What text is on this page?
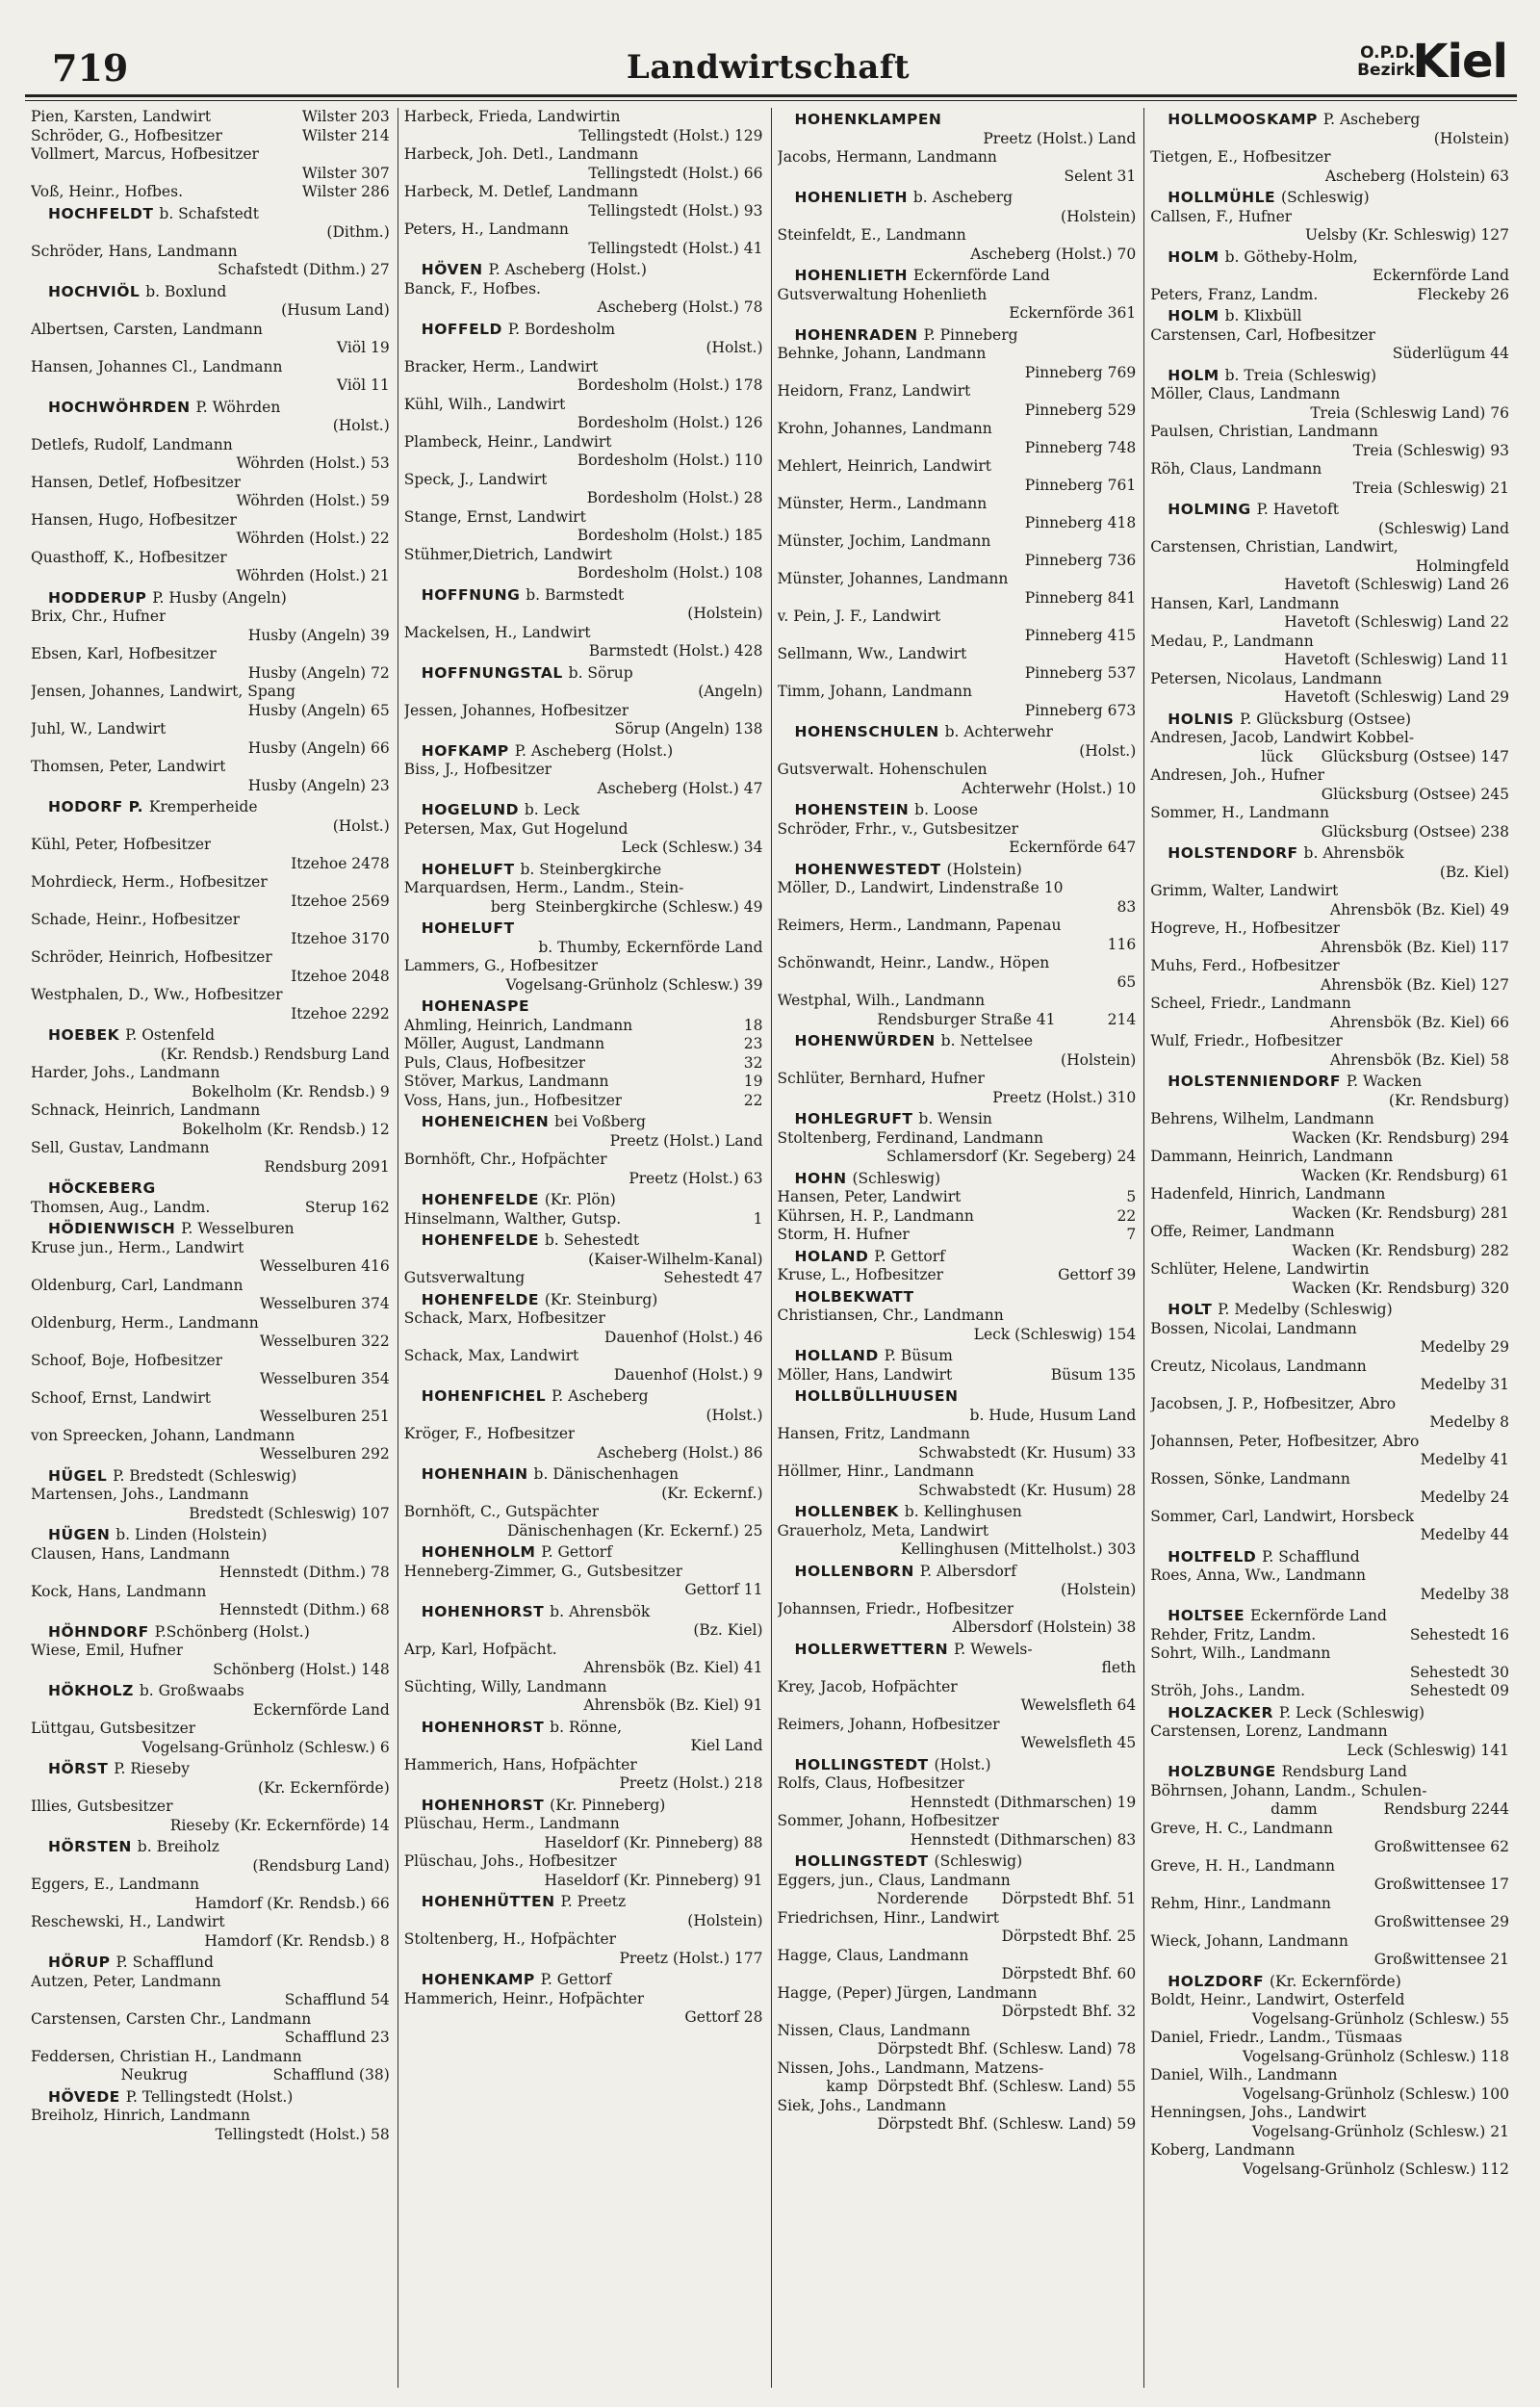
719	Landwirtschaft	O.P.D.
Bezirk
Kiel
Pien, Karsten, Landwirt	Wilster 203
Schröder, G., Hofbesitzer	Wilster 214
Vollmert, Marcus, Hofbesitzer
Wilster 307
Voß, Heinr., Hofbes.	Wilster 286
HOCHFELDT b. Schafstedt
(Dithm.)
Schröder, Hans, Landmann
Schafstedt (Dithm.) 27
HOCHVIÖL b. Boxlund
(Husum Land)
Albertsen, Carsten, Landmann
Viöl 19
Hansen, Johannes Cl., Landmann
Viöl 11
HOCHWÖHRDEN P. Wöhrden
(Holst.)
Detlefs, Rudolf, Landmann
Wöhrden (Holst.) 53
Hansen, Detlef, Hofbesitzer
Wöhrden (Holst.) 59
Hansen, Hugo, Hofbesitzer
Wöhrden (Holst.) 22
Quasthoff, K., Hofbesitzer
Wöhrden (Holst.) 21
HODDERUP P. Husby (Angeln)
Brix, Chr., Hufner
Husby (Angeln) 39
Ebsen, Karl, Hofbesitzer
Husby (Angeln) 72
Jensen, Johannes, Landwirt, Spang
Husby (Angeln) 65
Juhl, W., Landwirt
Husby (Angeln) 66
Thomsen, Peter, Landwirt
Husby (Angeln) 23
HODORF P. Kremperheide
(Holst.)
Kühl, Peter, Hofbesitzer
Itzehoe 2478
Mohrdieck, Herm., Hofbesitzer
Itzehoe 2569
Schade, Heinr., Hofbesitzer
Itzehoe 3170
Schröder, Heinrich, Hofbesitzer
Itzehoe 2048
Westphalen, D., Ww., Hofbesitzer
Itzehoe 2292
HOEBEK P. Ostenfeld
(Kr. Rendsb.) Rendsburg Land
Harder, Johs., Landmann
Bokelholm (Kr. Rendsb.) 9
Schnack, Heinrich, Landmann
Bokelholm (Kr. Rendsb.) 12
Sell, Gustav, Landmann
Rendsburg 2091
HÖCKEBERG
Thomsen, Aug., Landm.	Sterup 162
HÖDIENWISCH P. Wesselburen
Kruse jun., Herm., Landwirt
Wesselburen 416
Oldenburg, Carl, Landmann
Wesselburen 374
Oldenburg, Herm., Landmann
Wesselburen 322
Schoof, Boje, Hofbesitzer
Wesselburen 354
Schoof, Ernst, Landwirt
Wesselburen 251
von Spreecken, Johann, Landmann
Wesselburen 292
HÜGEL P. Bredstedt (Schleswig)
Martensen, Johs., Landmann
Bredstedt (Schleswig) 107
HÜGEN b. Linden (Holstein)
Clausen, Hans, Landmann
Hennstedt (Dithm.) 78
Kock, Hans, Landmann
Hennstedt (Dithm.) 68
HÖHNDORF P.Schönberg (Holst.)
Wiese, Emil, Hufner
Schönberg (Holst.) 148
HÖKHOLZ b. Großwaabs
Eckernförde Land
Lüttgau, Gutsbesitzer
Vogelsang-Grünholz (Schlesw.) 6
HÖRST P. Rieseby
(Kr. Eckernförde)
Illies, Gutsbesitzer
Rieseby (Kr. Eckernförde) 14
HÖRSTEN b. Breiholz
(Rendsburg Land)
Eggers, E., Landmann
Hamdorf (Kr. Rendsb.) 66
Reschewski, H., Landwirt
Hamdorf (Kr. Rendsb.) 8
HÖRUP P. Schafflund
Autzen, Peter, Landmann
Schafflund 54
Carstensen, Carsten Chr., Landmann
Schafflund 23
Feddersen, Christian H., Landmann
Neukrug                  Schafflund (38)
HÖVEDE P. Tellingstedt (Holst.)
Breiholz, Hinrich, Landmann
Tellingstedt (Holst.) 58
Harbeck, Frieda, Landwirtin
Tellingstedt (Holst.) 129
Harbeck, Joh. Detl., Landmann
Tellingstedt (Holst.) 66
Harbeck, M. Detlef, Landmann
Tellingstedt (Holst.) 93
Peters, H., Landmann
Tellingstedt (Holst.) 41
HÖVEN P. Ascheberg (Holst.)
Banck, F., Hofbes.
Ascheberg (Holst.) 78
HOFFELD P. Bordesholm
(Holst.)
Bracker, Herm., Landwirt
Bordesholm (Holst.) 178
Kühl, Wilh., Landwirt
Bordesholm (Holst.) 126
Plambeck, Heinr., Landwirt
Bordesholm (Holst.) 110
Speck, J., Landwirt
Bordesholm (Holst.) 28
Stange, Ernst, Landwirt
Bordesholm (Holst.) 185
Stühmer,Dietrich, Landwirt
Bordesholm (Holst.) 108
HOFFNUNG b. Barmstedt
(Holstein)
Mackelsen, H., Landwirt
Barmstedt (Holst.) 428
HOFFNUNGSTAL b. Sörup
(Angeln)
Jessen, Johannes, Hofbesitzer
Sörup (Angeln) 138
HOFKAMP P. Ascheberg (Holst.)
Biss, J., Hofbesitzer
Ascheberg (Holst.) 47
HOGELUND b. Leck
Petersen, Max, Gut Hogelund
Leck (Schlesw.) 34
HOHELUFT b. Steinbergkirche
Marquardsen, Herm., Landm., Stein-
berg  Steinbergkirche (Schlesw.) 49
HOHELUFT
b. Thumby, Eckernförde Land
Lammers, G., Hofbesitzer
Vogelsang-Grünholz (Schlesw.) 39
HOHENASPE
Ahmling, Heinrich, Landmann	18
Möller, August, Landmann	23
Puls, Claus, Hofbesitzer	32
Stöver, Markus, Landmann	19
Voss, Hans, jun., Hofbesitzer	22
HOHENEICHEN bei Voßberg
Preetz (Holst.) Land
Bornhöft, Chr., Hofpächter
Preetz (Holst.) 63
HOHENFELDE (Kr. Plön)
Hinselmann, Walther, Gutsp.	1
HOHENFELDE b. Sehestedt
(Kaiser-Wilhelm-Kanal)
Gutsverwaltung	Sehestedt 47
HOHENFELDE (Kr. Steinburg)
Schack, Marx, Hofbesitzer
Dauenhof (Holst.) 46
Schack, Max, Landwirt
Dauenhof (Holst.) 9
HOHENFICHEL P. Ascheberg
(Holst.)
Kröger, F., Hofbesitzer
Ascheberg (Holst.) 86
HOHENHAIN b. Dänischenhagen
(Kr. Eckernf.)
Bornhöft, C., Gutspächter
Dänischenhagen (Kr. Eckernf.) 25
HOHENHOLM P. Gettorf
Henneberg-Zimmer, G., Gutsbesitzer
Gettorf 11
HOHENHORST b. Ahrensbök
(Bz. Kiel)
Arp, Karl, Hofpächt.
Ahrensbök (Bz. Kiel) 41
Süchting, Willy, Landmann
Ahrensbök (Bz. Kiel) 91
HOHENHORST b. Rönne,
Kiel Land
Hammerich, Hans, Hofpächter
Preetz (Holst.) 218
HOHENHORST (Kr. Pinneberg)
Plüschau, Herm., Landmann
Haseldorf (Kr. Pinneberg) 88
Plüschau, Johs., Hofbesitzer
Haseldorf (Kr. Pinneberg) 91
HOHENHÜTTEN P. Preetz
(Holstein)
Stoltenberg, H., Hofpächter
Preetz (Holst.) 177
HOHENKAMP P. Gettorf
Hammerich, Heinr., Hofpächter
Gettorf 28
HOHENKLAMPEN
Preetz (Holst.) Land
Jacobs, Hermann, Landmann
Selent 31
HOHENLIETH b. Ascheberg
(Holstein)
Steinfeldt, E., Landmann
Ascheberg (Holst.) 70
HOHENLIETH Eckernförde Land
Gutsverwaltung Hohenlieth
Eckernförde 361
HOHENRADEN P. Pinneberg
Behnke, Johann, Landmann
Pinneberg 769
Heidorn, Franz, Landwirt
Pinneberg 529
Krohn, Johannes, Landmann
Pinneberg 748
Mehlert, Heinrich, Landwirt
Pinneberg 761
Münster, Herm., Landmann
Pinneberg 418
Münster, Jochim, Landmann
Pinneberg 736
Münster, Johannes, Landmann
Pinneberg 841
v. Pein, J. F., Landwirt
Pinneberg 415
Sellmann, Ww., Landwirt
Pinneberg 537
Timm, Johann, Landmann
Pinneberg 673
HOHENSCHULEN b. Achterwehr
(Holst.)
Gutsverwalt. Hohenschulen
Achterwehr (Holst.) 10
HOHENSTEIN b. Loose
Schröder, Frhr., v., Gutsbesitzer
Eckernförde 647
HOHENWESTEDT (Holstein)
Möller, D., Landwirt, Lindenstraße 10
83
Reimers, Herm., Landmann, Papenau
116
Schönwandt, Heinr., Landw., Höpen
65
Westphal, Wilh., Landmann
Rendsburger Straße 41           214
HOHENWÜRDEN b. Nettelsee
(Holstein)
Schlüter, Bernhard, Hufner
Preetz (Holst.) 310
HOHLEGRUFT b. Wensin
Stoltenberg, Ferdinand, Landmann
Schlamersdorf (Kr. Segeberg) 24
HOHN (Schleswig)
Hansen, Peter, Landwirt	5
Kührsen, H. P., Landmann	22
Storm, H. Hufner	7
HOLAND P. Gettorf
Kruse, L., Hofbesitzer	Gettorf 39
HOLBEKWATT
Christiansen, Chr., Landmann
Leck (Schleswig) 154
HOLLAND P. Büsum
Möller, Hans, Landwirt	Büsum 135
HOLLBÜLLHUUSEN
b. Hude, Husum Land
Hansen, Fritz, Landmann
Schwabstedt (Kr. Husum) 33
Höllmer, Hinr., Landmann
Schwabstedt (Kr. Husum) 28
HOLLENBEK b. Kellinghusen
Grauerholz, Meta, Landwirt
Kellinghusen (Mittelholst.) 303
HOLLENBORN P. Albersdorf
(Holstein)
Johannsen, Friedr., Hofbesitzer
Albersdorf (Holstein) 38
HOLLERWETTERN P. Wewels-
fleth
Krey, Jacob, Hofpächter
Wewelsfleth 64
Reimers, Johann, Hofbesitzer
Wewelsfleth 45
HOLLINGSTEDT (Holst.)
Rolfs, Claus, Hofbesitzer
Hennstedt (Dithmarschen) 19
Sommer, Johann, Hofbesitzer
Hennstedt (Dithmarschen) 83
HOLLINGSTEDT (Schleswig)
Eggers, jun., Claus, Landmann
Norderende       Dörpstedt Bhf. 51
Friedrichsen, Hinr., Landwirt
Dörpstedt Bhf. 25
Hagge, Claus, Landmann
Dörpstedt Bhf. 60
Hagge, (Peper) Jürgen, Landmann
Dörpstedt Bhf. 32
Nissen, Claus, Landmann
Dörpstedt Bhf. (Schlesw. Land) 78
Nissen, Johs., Landmann, Matzens-
kamp  Dörpstedt Bhf. (Schlesw. Land) 55
Siek, Johs., Landmann
Dörpstedt Bhf. (Schlesw. Land) 59
HOLLMOOSKAMP P. Ascheberg
(Holstein)
Tietgen, E., Hofbesitzer
Ascheberg (Holstein) 63
HOLLMÜHLE (Schleswig)
Callsen, F., Hufner
Uelsby (Kr. Schleswig) 127
HOLM b. Götheby-Holm,
Eckernförde Land
Peters, Franz, Landm.	Fleckeby 26
HOLM b. Klixbüll
Carstensen, Carl, Hofbesitzer
Süderlügum 44
HOLM b. Treia (Schleswig)
Möller, Claus, Landmann
Treia (Schleswig Land) 76
Paulsen, Christian, Landmann
Treia (Schleswig) 93
Röh, Claus, Landmann
Treia (Schleswig) 21
HOLMING P. Havetoft
(Schleswig) Land
Carstensen, Christian, Landwirt,
Holmingfeld
Havetoft (Schleswig) Land 26
Hansen, Karl, Landmann
Havetoft (Schleswig) Land 22
Medau, P., Landmann
Havetoft (Schleswig) Land 11
Petersen, Nicolaus, Landmann
Havetoft (Schleswig) Land 29
HOLNIS P. Glücksburg (Ostsee)
Andresen, Jacob, Landwirt Kobbel-
lück      Glücksburg (Ostsee) 147
Andresen, Joh., Hufner
Glücksburg (Ostsee) 245
Sommer, H., Landmann
Glücksburg (Ostsee) 238
HOLSTENDORF b. Ahrensbök
(Bz. Kiel)
Grimm, Walter, Landwirt
Ahrensbök (Bz. Kiel) 49
Hogreve, H., Hofbesitzer
Ahrensbök (Bz. Kiel) 117
Muhs, Ferd., Hofbesitzer
Ahrensbök (Bz. Kiel) 127
Scheel, Friedr., Landmann
Ahrensbök (Bz. Kiel) 66
Wulf, Friedr., Hofbesitzer
Ahrensbök (Bz. Kiel) 58
HOLSTENNIENDORF P. Wacken
(Kr. Rendsburg)
Behrens, Wilhelm, Landmann
Wacken (Kr. Rendsburg) 294
Dammann, Heinrich, Landmann
Wacken (Kr. Rendsburg) 61
Hadenfeld, Hinrich, Landmann
Wacken (Kr. Rendsburg) 281
Offe, Reimer, Landmann
Wacken (Kr. Rendsburg) 282
Schlüter, Helene, Landwirtin
Wacken (Kr. Rendsburg) 320
HOLT P. Medelby (Schleswig)
Bossen, Nicolai, Landmann
Medelby 29
Creutz, Nicolaus, Landmann
Medelby 31
Jacobsen, J. P., Hofbesitzer, Abro
Medelby 8
Johannsen, Peter, Hofbesitzer, Abro
Medelby 41
Rossen, Sönke, Landmann
Medelby 24
Sommer, Carl, Landwirt, Horsbeck
Medelby 44
HOLTFELD P. Schafflund
Roes, Anna, Ww., Landmann
Medelby 38
HOLTSEE Eckernförde Land
Rehder, Fritz, Landm.	Sehestedt 16
Sohrt, Wilh., Landmann
Sehestedt 30
Ströh, Johs., Landm.	Sehestedt 09
HOLZACKER P. Leck (Schleswig)
Carstensen, Lorenz, Landmann
Leck (Schleswig) 141
HOLZBUNGE Rendsburg Land
Böhrnsen, Johann, Landm., Schulen-
damm              Rendsburg 2244
Greve, H. C., Landmann
Großwittensee 62
Greve, H. H., Landmann
Großwittensee 17
Rehm, Hinr., Landmann
Großwittensee 29
Wieck, Johann, Landmann
Großwittensee 21
HOLZDORF (Kr. Eckernförde)
Boldt, Heinr., Landwirt, Osterfeld
Vogelsang-Grünholz (Schlesw.) 55
Daniel, Friedr., Landm., Tüsmaas
Vogelsang-Grünholz (Schlesw.) 118
Daniel, Wilh., Landmann
Vogelsang-Grünholz (Schlesw.) 100
Henningsen, Johs., Landwirt
Vogelsang-Grünholz (Schlesw.) 21
Koberg, Landmann
Vogelsang-Grünholz (Schlesw.) 112
